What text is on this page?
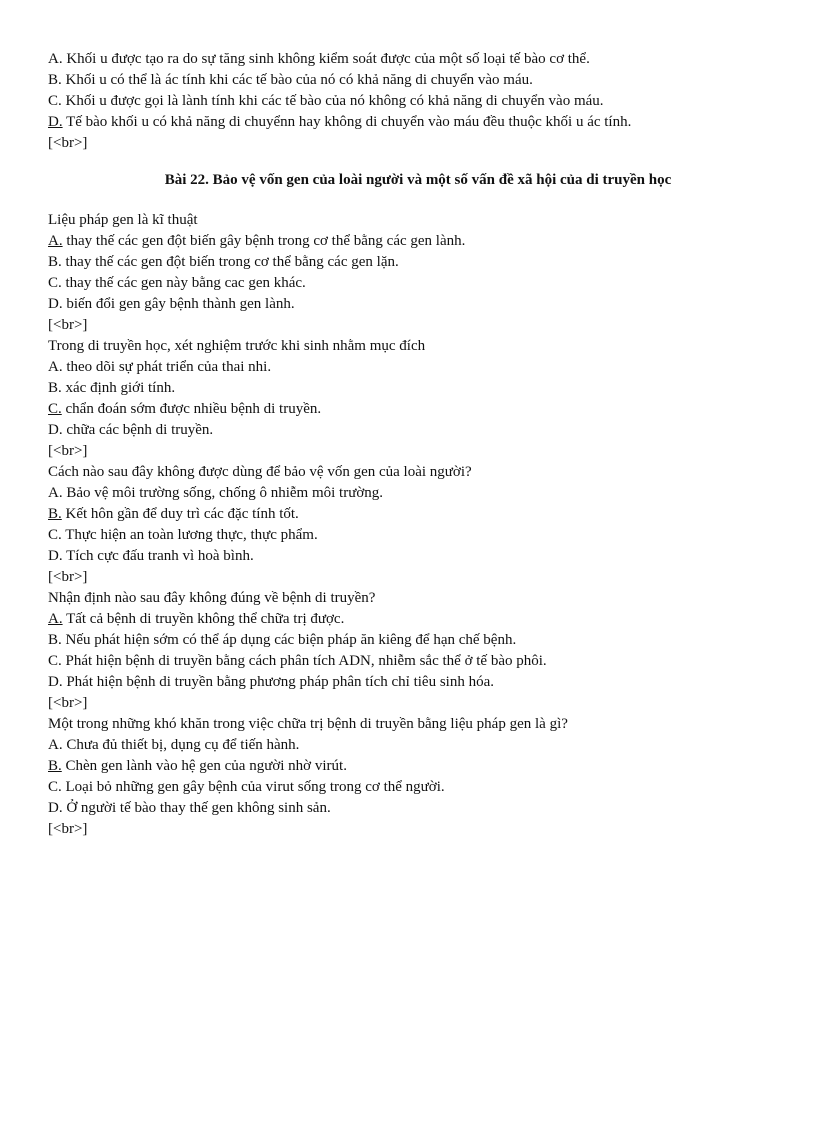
A. Khối u được tạo ra do sự tăng sinh không kiểm soát được của một số loại tế bào cơ thể.
B. Khối u có thể là ác tính khi các tế bào của nó có khả năng di chuyển vào máu.
C. Khối u được gọi là lành tính khi các tế bào của nó không có khả năng di chuyển vào máu.
D. Tế bào khối u có khả năng di chuyểnn hay không di chuyển vào máu đều thuộc khối u ác tính.
[<br>]
Bài 22. Bảo vệ vốn gen của loài người và một số vấn đề xã hội của di truyền học
Liệu pháp gen là kĩ thuật
A. thay thế các gen đột biến gây bệnh trong cơ thể bằng các gen lành.
B. thay thế các gen đột biến trong cơ thể bằng các gen lặn.
C. thay thế các gen này bằng cac gen khác.
D. biến đổi gen gây bệnh thành gen lành.
[<br>]
Trong di truyền học, xét nghiệm trước khi sinh nhằm mục đích
A. theo dõi sự phát triển của thai nhi.
B. xác định giới tính.
C. chẩn đoán sớm được nhiều bệnh di truyền.
D. chữa các bệnh di truyền.
[<br>]
Cách nào sau đây không được dùng để bảo vệ vốn gen của loài người?
A. Bảo vệ môi trường sống, chống ô nhiễm môi trường.
B. Kết hôn gần để duy trì các đặc tính tốt.
C. Thực hiện an toàn lương thực, thực phẩm.
D. Tích cực đấu tranh vì hoà bình.
[<br>]
Nhận định nào sau đây không đúng về bệnh di truyền?
A. Tất cả bệnh di truyền không thể chữa trị được.
B. Nếu phát hiện sớm có thể áp dụng các biện pháp ăn kiêng để hạn chế bệnh.
C. Phát hiện bệnh di truyền bằng cách phân tích ADN, nhiễm sắc thể ở tế bào phôi.
D. Phát hiện bệnh di truyền bằng phương pháp phân tích chỉ tiêu sinh hóa.
[<br>]
Một trong những khó khăn trong việc chữa trị bệnh di truyền bằng liệu pháp gen là gì?
A. Chưa đủ thiết bị, dụng cụ để tiến hành.
B. Chèn gen lành vào hệ gen của người nhờ virút.
C. Loại bỏ những gen gây bệnh của virut sống trong cơ thể người.
D. Ở người tế bào thay thế gen không sinh sản.
[<br>]
